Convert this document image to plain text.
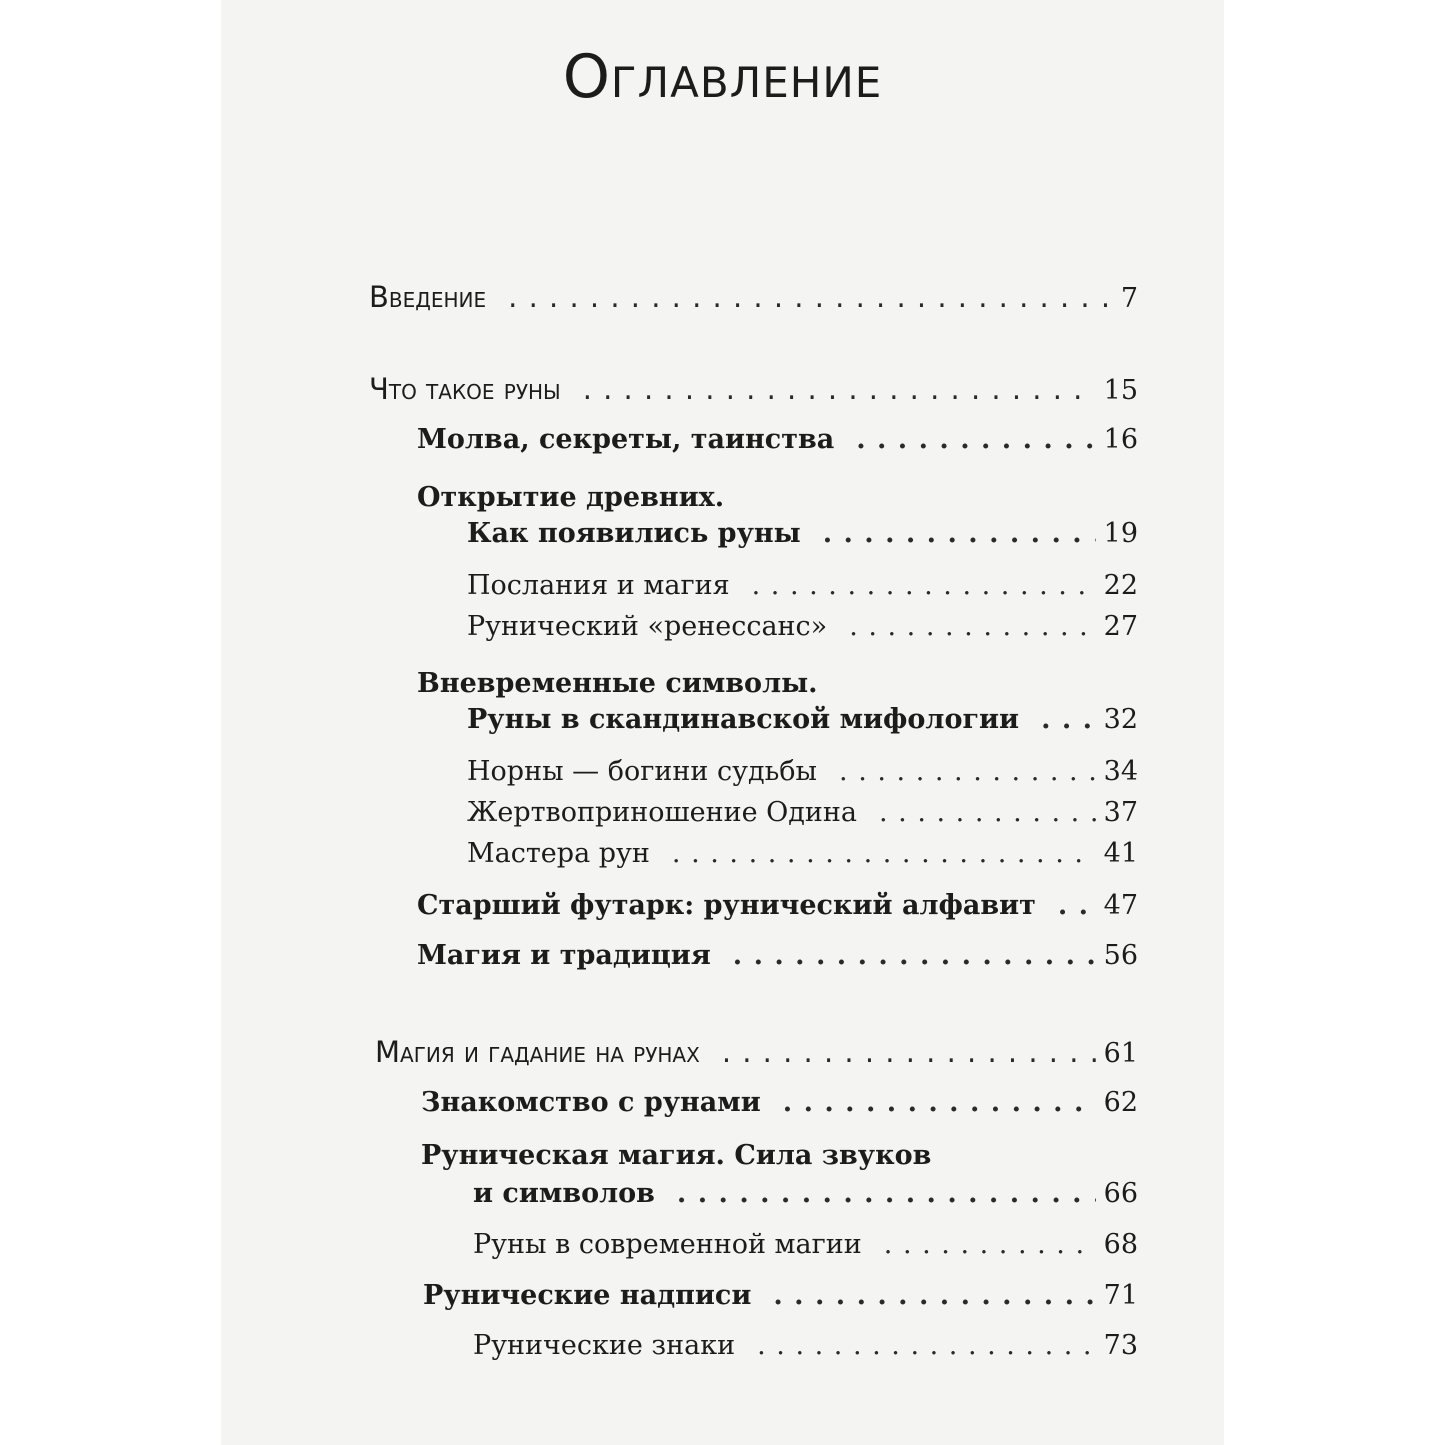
Оглавление
Введение . . .	7
Что такое руны . . .	15
Молва, секреты, таинства . . .	16
Открытие древних.
Как появились руны . . .	19
Послания и магия . . .	22
Рунический «ренессанс» . . .	27
Вневременные символы.
Руны в скандинавской мифологии . . .	32
Норны — богини судьбы . . .	34
Жертвоприношение Одина . . .	37
Мастера рун . . .	41
Старший футарк: рунический алфавит . . .	47
Магия и традиция . . .	56
Магия и гадание на рунах . . .	61
Знакомство с рунами . . .	62
Руническая магия. Сила звуков
и символов . . .	66
Руны в современной магии . . .	68
Рунические надписи . . .	71
Рунические знаки . . .	73
